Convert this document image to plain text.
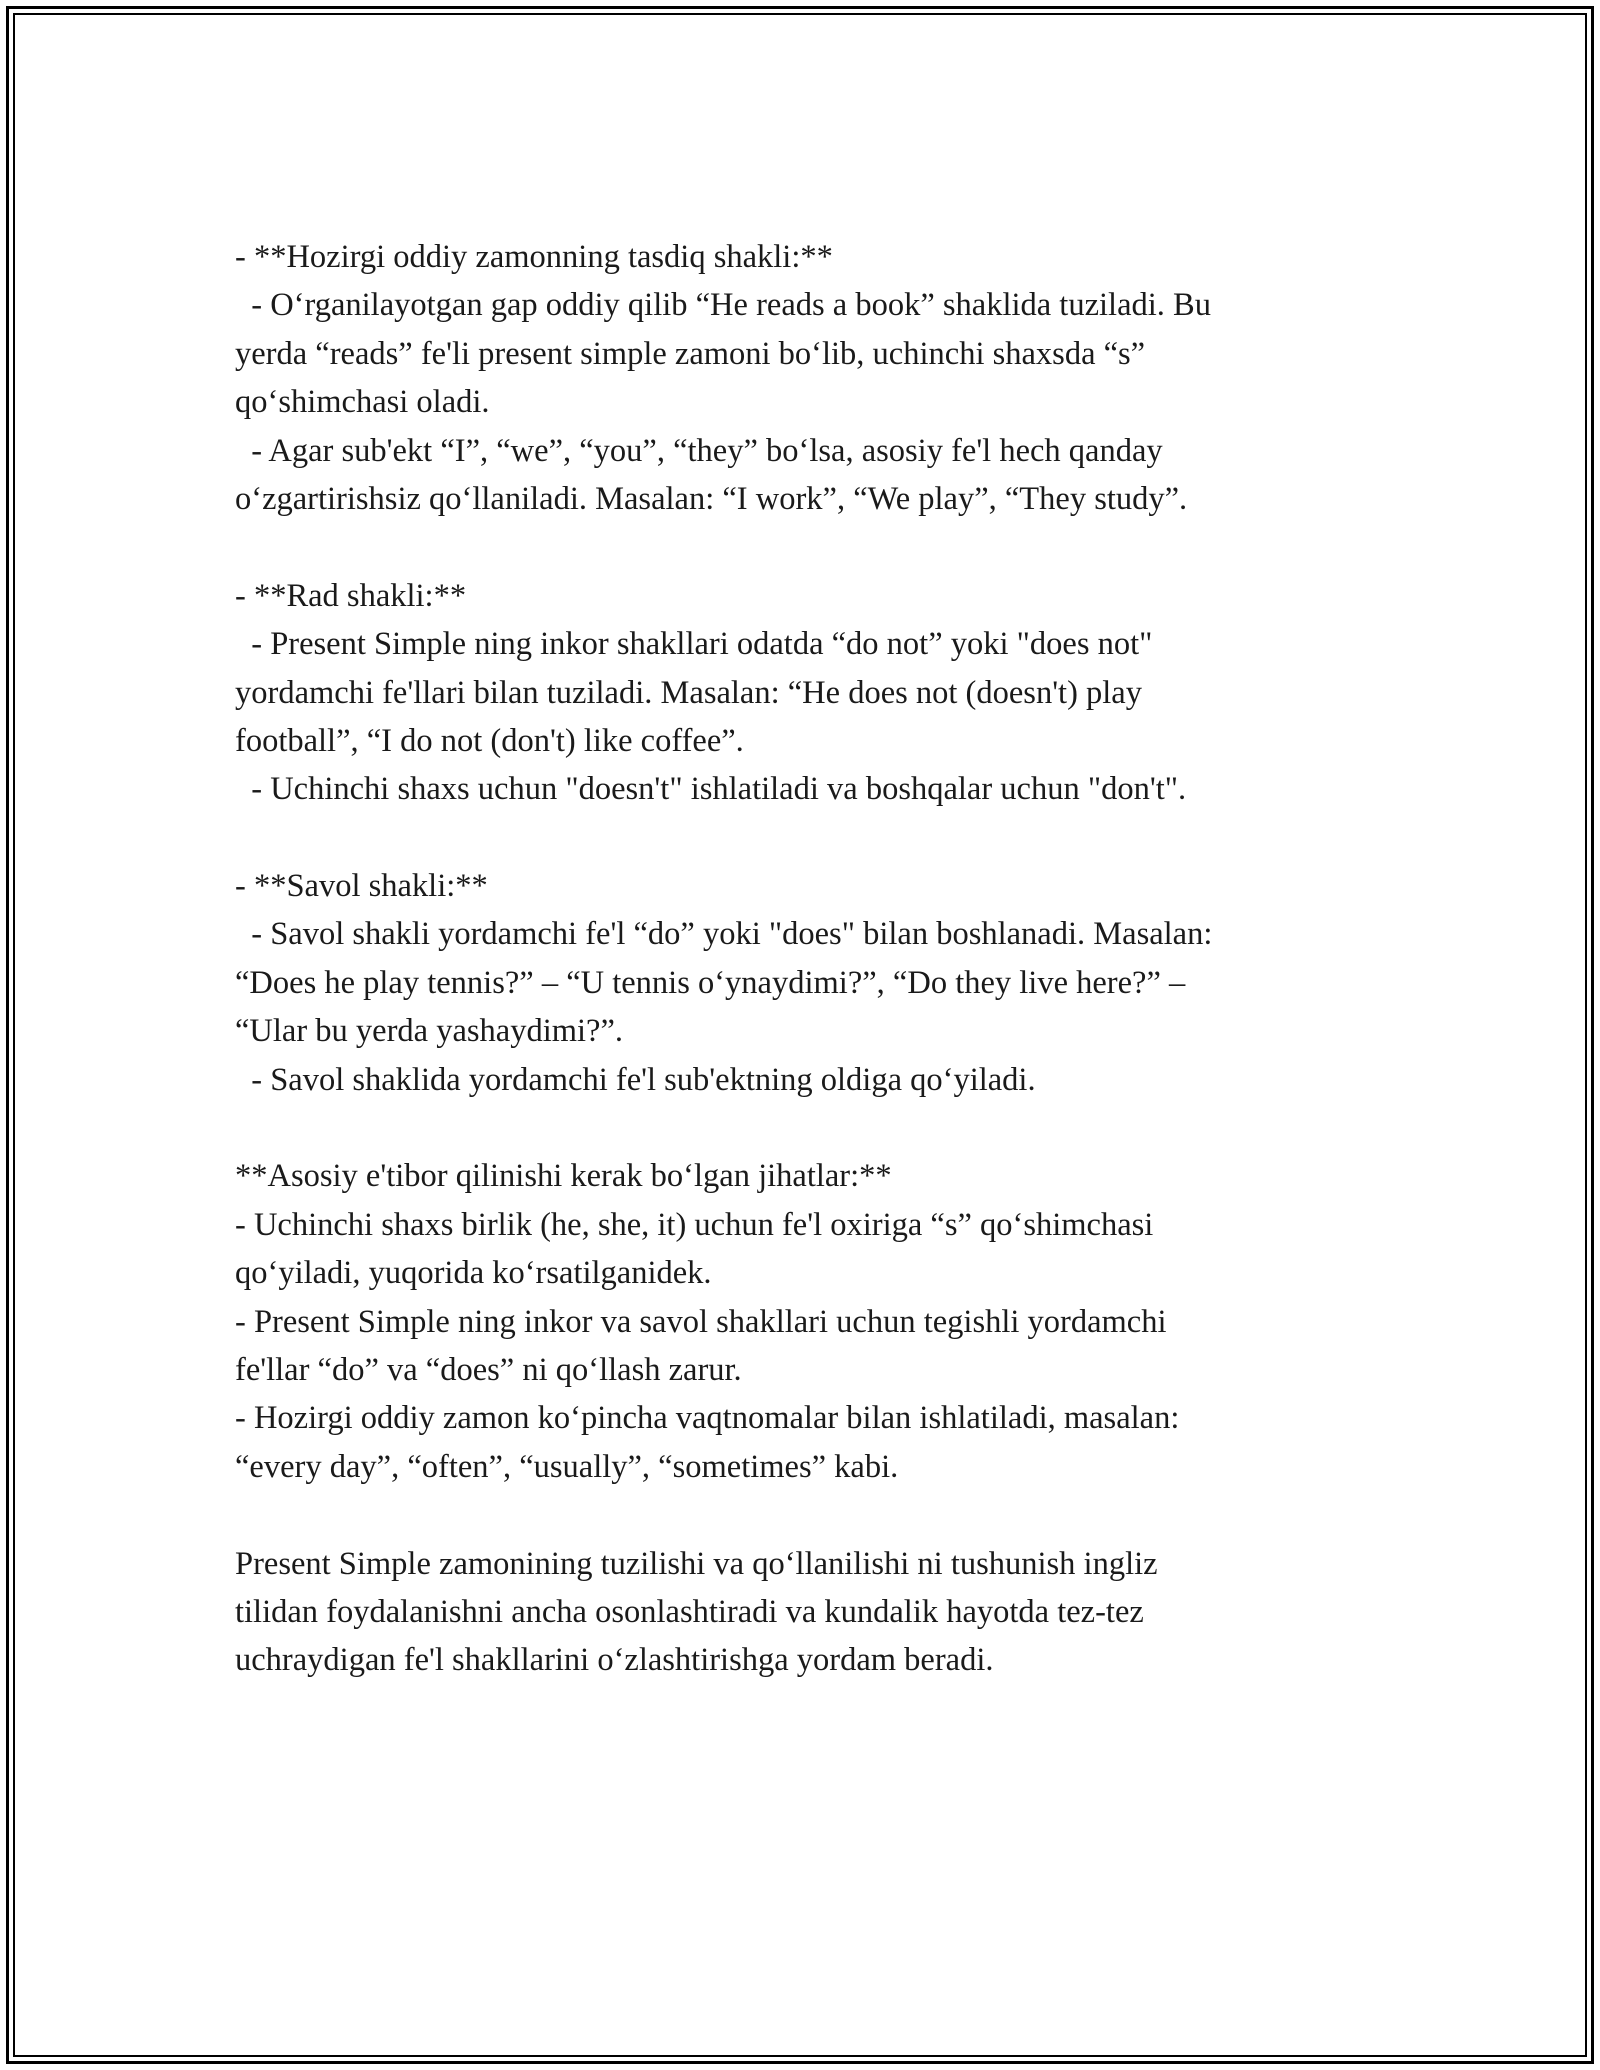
- **Hozirgi oddiy zamonning tasdiq shakli:**
- O‘rganilayotgan gap oddiy qilib “He reads a book” shaklida tuziladi. Bu
yerda “reads” fe'li present simple zamoni bo‘lib, uchinchi shaxsda “s”
qo‘shimchasi oladi.
- Agar sub'ekt “I”, “we”, “you”, “they” bo‘lsa, asosiy fe'l hech qanday
o‘zgartirishsiz qo‘llaniladi. Masalan: “I work”, “We play”, “They study”.
- **Rad shakli:**
- Present Simple ning inkor shakllari odatda “do not” yoki "does not"
yordamchi fe'llari bilan tuziladi. Masalan: “He does not (doesn't) play
football”, “I do not (don't) like coffee”.
- Uchinchi shaxs uchun "doesn't" ishlatiladi va boshqalar uchun "don't".
- **Savol shakli:**
- Savol shakli yordamchi fe'l “do” yoki "does" bilan boshlanadi. Masalan:
“Does he play tennis?” – “U tennis o‘ynaydimi?”, “Do they live here?” –
“Ular bu yerda yashaydimi?”.
- Savol shaklida yordamchi fe'l sub'ektning oldiga qo‘yiladi.
**Asosiy e'tibor qilinishi kerak bo‘lgan jihatlar:**
- Uchinchi shaxs birlik (he, she, it) uchun fe'l oxiriga “s” qo‘shimchasi
qo‘yiladi, yuqorida ko‘rsatilganidek.
- Present Simple ning inkor va savol shakllari uchun tegishli yordamchi
fe'llar “do” va “does” ni qo‘llash zarur.
- Hozirgi oddiy zamon ko‘pincha vaqtnomalar bilan ishlatiladi, masalan:
“every day”, “often”, “usually”, “sometimes” kabi.
Present Simple zamonining tuzilishi va qo‘llanilishi ni tushunish ingliz
tilidan foydalanishni ancha osonlashtiradi va kundalik hayotda tez-tez
uchraydigan fe'l shakllarini o‘zlashtirishga yordam beradi.
